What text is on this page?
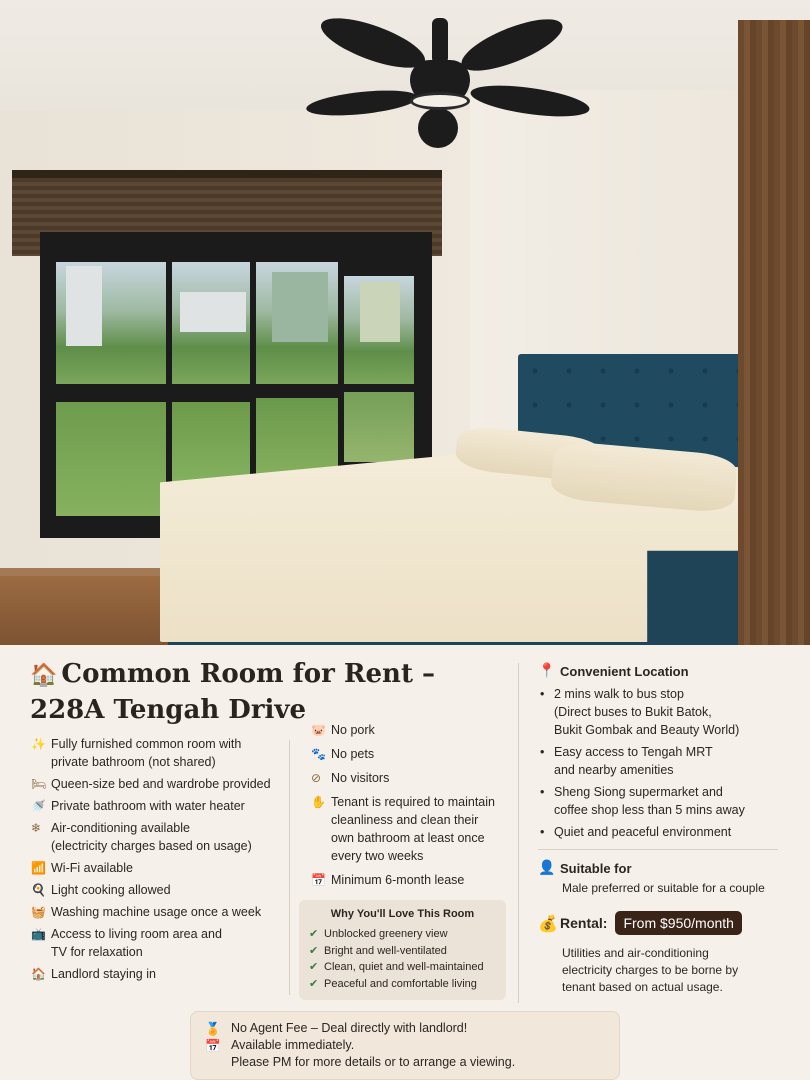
🏠 Common Room for Rent –
228A Tengah Drive
✨ Fully furnished common room with
private bathroom (not shared)
🛏 Queen-size bed and wardrobe provided
🚿 Private bathroom with water heater
❄ Air-conditioning available
(electricity charges based on usage)
📶 Wi-Fi available
🍳 Light cooking allowed
🧺 Washing machine usage once a week
📺 Access to living room area and
TV for relaxation
🏠 Landlord staying in
🐷 No pork
🐾 No pets
⊘ No visitors
✋ Tenant is required to maintain
cleanliness and clean their
own bathroom at least once
every two weeks
📅 Minimum 6-month lease
Why You'll Love This Room
✔ Unblocked greenery view
✔ Bright and well-ventilated
✔ Clean, quiet and well-maintained
✔ Peaceful and comfortable living
📍 Convenient Location
• 2 mins walk to bus stop
(Direct buses to Bukit Batok,
Bukit Gombak and Beauty World)
• Easy access to Tengah MRT
and nearby amenities
• Sheng Siong supermarket and
coffee shop less than 5 mins away
• Quiet and peaceful environment
👤 Suitable for
Male preferred or suitable for a couple
💰 Rental:	From $950/month
Utilities and air-conditioning
electricity charges to be borne by
tenant based on actual usage.
🏅 No Agent Fee – Deal directly with landlord!
📅 Available immediately.
Please PM for more details or to arrange a viewing.
